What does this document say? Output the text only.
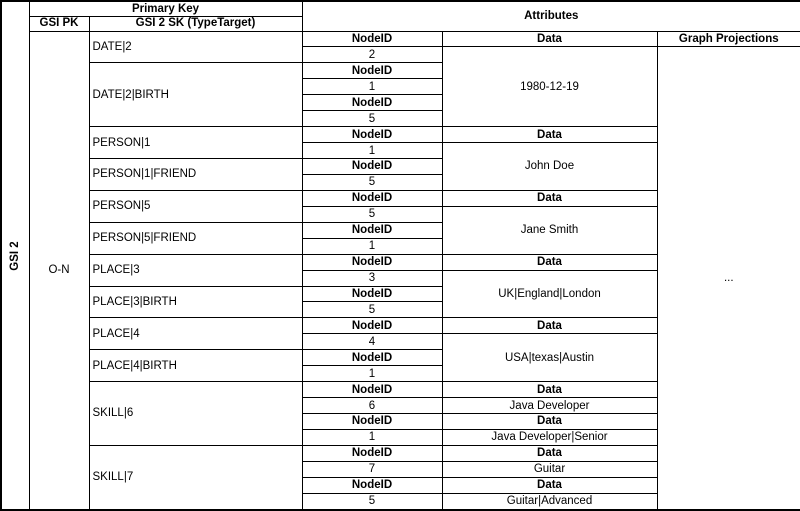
GSI 2	Primary Key		Attributes		
	GSI PK	GSI 2 SK (TypeTarget)			
	O-N	DATE|2	NodeID	Data	Graph Projections
			2	1980-12-19	...
		DATE|2|BIRTH	NodeID		
			1		
			NodeID		
			5		
		PERSON|1	NodeID	Data	
			1	John Doe	
		PERSON|1|FRIEND	NodeID		
			5		
		PERSON|5	NodeID	Data	
			5	Jane Smith	
		PERSON|5|FRIEND	NodeID		
			1		
		PLACE|3	NodeID	Data	
			3	UK|England|London	
		PLACE|3|BIRTH	NodeID		
			5		
		PLACE|4	NodeID	Data	
			4	USA|texas|Austin	
		PLACE|4|BIRTH	NodeID		
			1		
		SKILL|6	NodeID	Data	
			6	Java Developer	
			NodeID	Data	
			1	Java Developer|Senior	
		SKILL|7	NodeID	Data	
			7	Guitar	
			NodeID	Data	
			5	Guitar|Advanced	
